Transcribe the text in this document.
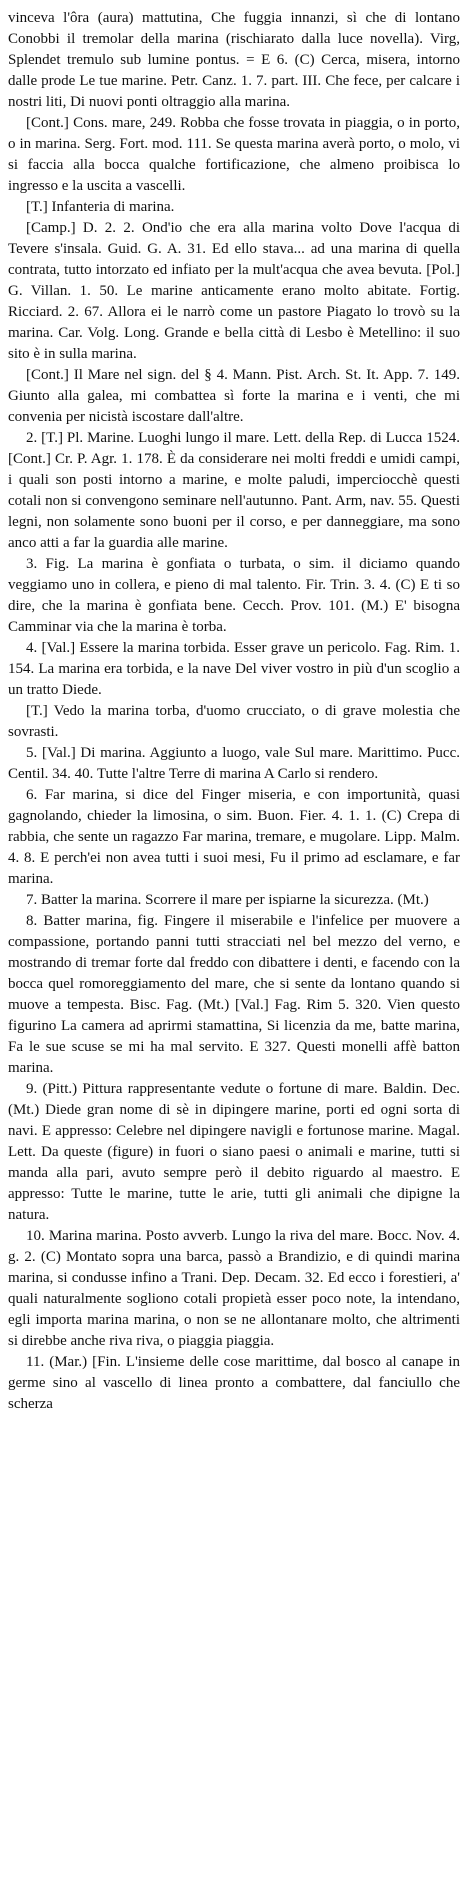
vinceva l'ôra (aura) mattutina, Che fuggia innanzi, sì che di lontano Conobbi il tremolar della marina (rischiarato dalla luce novella). Virg, Splendet tremulo sub lumine pontus. = E 6. (C) Cerca, misera, intorno dalle prode Le tue marine. Petr. Canz. 1. 7. part. III. Che fece, per calcare i nostri liti, Di nuovi ponti oltraggio alla marina.

[Cont.] Cons. mare, 249. Robba che fosse trovata in piaggia, o in porto, o in marina. Serg. Fort. mod. 111. Se questa marina averà porto, o molo, vi si faccia alla bocca qualche fortificazione, che almeno proibisca lo ingresso e la uscita a vascelli.

[T.] Infanteria di marina.

[Camp.] D. 2. 2. Ond'io che era alla marina volto Dove l'acqua di Tevere s'insala. Guid. G. A. 31. Ed ello stava... ad una marina di quella contrata, tutto intorzato ed infiato per la mult'acqua che avea bevuta. [Pol.] G. Villan. 1. 50. Le marine anticamente erano molto abitate. Fortig. Ricciard. 2. 67. Allora ei le narrò come un pastore Piagato lo trovò su la marina. Car. Volg. Long. Grande e bella città di Lesbo è Metellino: il suo sito è in sulla marina.

[Cont.] Il Mare nel sign. del § 4. Mann. Pist. Arch. St. It. App. 7. 149. Giunto alla galea, mi combattea sì forte la marina e i venti, che mi convenia per nicistà iscostare dall'altre.

2. [T.] Pl. Marine. Luoghi lungo il mare. Lett. della Rep. di Lucca 1524. [Cont.] Cr. P. Agr. 1. 178. È da considerare nei molti freddi e umidi campi, i quali son posti intorno a marine, e molte paludi, imperciocchè questi cotali non si convengono seminare nell'autunno. Pant. Arm, nav. 55. Questi legni, non solamente sono buoni per il corso, e per danneggiare, ma sono anco atti a far la guardia alle marine.

3. Fig. La marina è gonfiata o turbata, o sim. il diciamo quando veggiamo uno in collera, e pieno di mal talento. Fir. Trin. 3. 4. (C) E ti so dire, che la marina è gonfiata bene. Cecch. Prov. 101. (M.) E' bisogna Camminar via che la marina è torba.

4. [Val.] Essere la marina torbida. Esser grave un pericolo. Fag. Rim. 1. 154. La marina era torbida, e la nave Del viver vostro in più d'un scoglio a un tratto Diede.

[T.] Vedo la marina torba, d'uomo crucciato, o di grave molestia che sovrasti.

5. [Val.] Di marina. Aggiunto a luogo, vale Sul mare. Marittimo. Pucc. Centil. 34. 40. Tutte l'altre Terre di marina A Carlo si rendero.

6. Far marina, si dice del Finger miseria, e con importunità, quasi gagnolando, chieder la limosina, o sim. Buon. Fier. 4. 1. 1. (C) Crepa di rabbia, che sente un ragazzo Far marina, tremare, e mugolare. Lipp. Malm. 4. 8. E perch'ei non avea tutti i suoi mesi, Fu il primo ad esclamare, e far marina.

7. Batter la marina. Scorrere il mare per ispiarne la sicurezza. (Mt.)

8. Batter marina, fig. Fingere il miserabile e l'infelice per muovere a compassione, portando panni tutti stracciati nel bel mezzo del verno, e mostrando di tremar forte dal freddo con dibattere i denti, e facendo con la bocca quel romoreggiamento del mare, che si sente da lontano quando si muove a tempesta. Bisc. Fag. (Mt.) [Val.] Fag. Rim 5. 320. Vien questo figurino La camera ad aprirmi stamattina, Si licenzia da me, batte marina, Fa le sue scuse se mi ha mal servito. E 327. Questi monelli affè batton marina.

9. (Pitt.) Pittura rappresentante vedute o fortune di mare. Baldin. Dec. (Mt.) Diede gran nome di sè in dipingere marine, porti ed ogni sorta di navi. E appresso: Celebre nel dipingere navigli e fortunose marine. Magal. Lett. Da queste (figure) in fuori o siano paesi o animali e marine, tutti si manda alla pari, avuto sempre però il debito riguardo al maestro. E appresso: Tutte le marine, tutte le arie, tutti gli animali che dipigne la natura.

10. Marina marina. Posto avverb. Lungo la riva del mare. Bocc. Nov. 4. g. 2. (C) Montato sopra una barca, passò a Brandizio, e di quindi marina marina, si condusse infino a Trani. Dep. Decam. 32. Ed ecco i forestieri, a' quali naturalmente sogliono cotali propietà esser poco note, la intendano, egli importa marina marina, o non se ne allontanare molto, che altrimenti si direbbe anche riva riva, o piaggia piaggia.

11. (Mar.) [Fin. L'insieme delle cose marittime, dal bosco al canape in germe sino al vascello di linea pronto a combattere, dal fanciullo che scherza
